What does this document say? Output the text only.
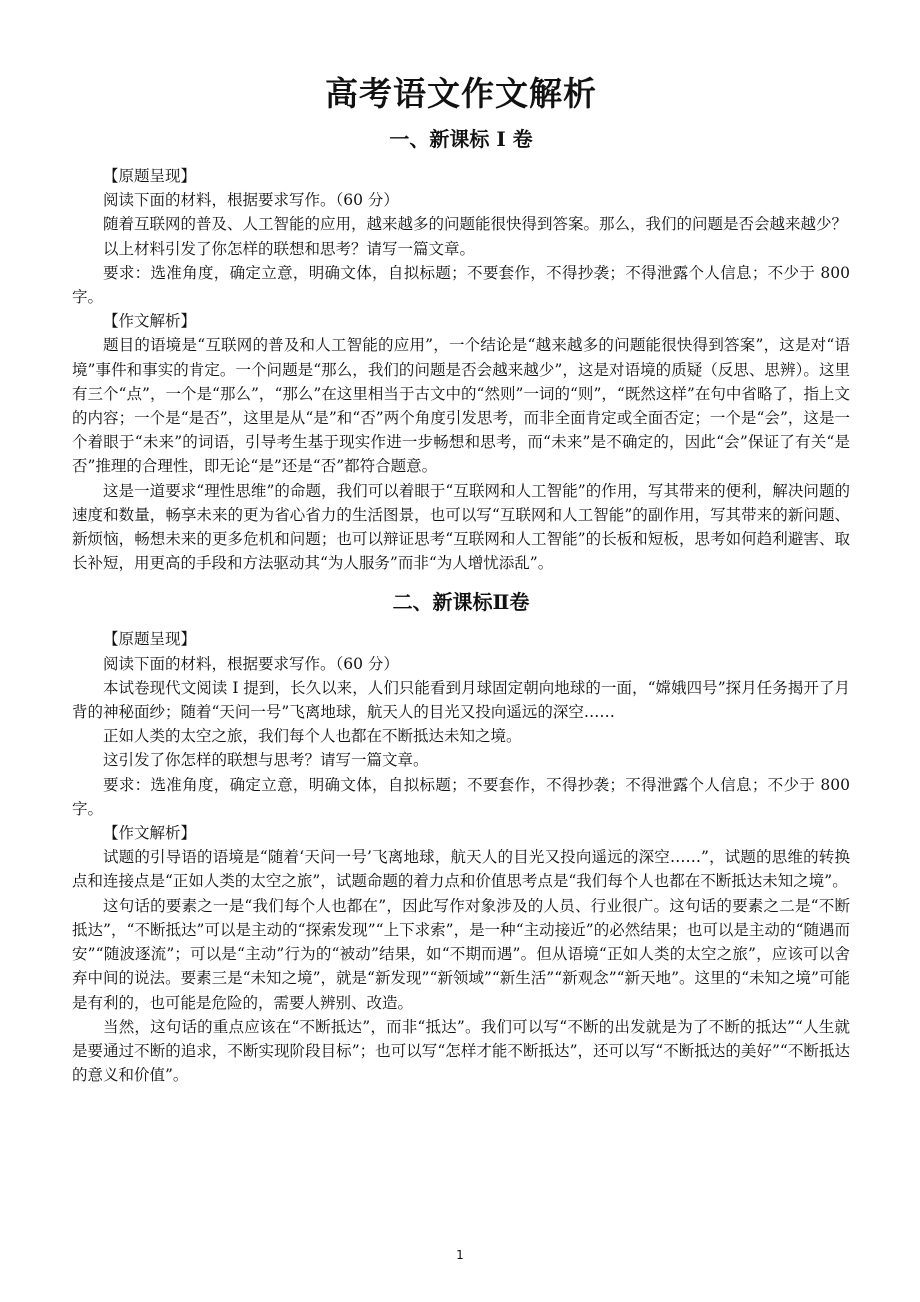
高考语文作文解析
一、新课标 I 卷

【原题呈现】

阅读下面的材料，根据要求写作。（60 分）

随着互联网的普及、人工智能的应用，越来越多的问题能很快得到答案。那么，我们的问题是否会越来越少？

以上材料引发了你怎样的联想和思考？请写一篇文章。

要求：选准角度，确定立意，明确文体，自拟标题；不要套作，不得抄袭；不得泄露个人信息；不少于 800 字。

【作文解析】

题目的语境是“互联网的普及和人工智能的应用”，一个结论是“越来越多的问题能很快得到答案”，这是对“语境”事件和事实的肯定。一个问题是“那么，我们的问题是否会越来越少”，这是对语境的质疑（反思、思辨）。这里有三个“点”，一个是“那么”，“那么”在这里相当于古文中的“然则”一词的“则”，“既然这样”在句中省略了，指上文的内容；一个是“是否”，这里是从“是”和“否”两个角度引发思考，而非全面肯定或全面否定；一个是“会”，这是一个着眼于“未来”的词语，引导考生基于现实作进一步畅想和思考，而“未来”是不确定的，因此“会”保证了有关“是否”推理的合理性，即无论“是”还是“否”都符合题意。

这是一道要求“理性思维”的命题，我们可以着眼于“互联网和人工智能”的作用，写其带来的便利，解决问题的速度和数量，畅享未来的更为省心省力的生活图景，也可以写“互联网和人工智能”的副作用，写其带来的新问题、新烦恼，畅想未来的更多危机和问题；也可以辩证思考“互联网和人工智能”的长板和短板，思考如何趋利避害、取长补短，用更高的手段和方法驱动其“为人服务”而非“为人增忧添乱”。

二、新课标Ⅱ卷

【原题呈现】

阅读下面的材料，根据要求写作。（60 分）

本试卷现代文阅读 I 提到，长久以来，人们只能看到月球固定朝向地球的一面，“嫦娥四号”探月任务揭开了月背的神秘面纱；随着“天问一号”飞离地球，航天人的目光又投向遥远的深空……

正如人类的太空之旅，我们每个人也都在不断抵达未知之境。

这引发了你怎样的联想与思考？请写一篇文章。

要求：选准角度，确定立意，明确文体，自拟标题；不要套作，不得抄袭；不得泄露个人信息；不少于 800 字。

【作文解析】

试题的引导语的语境是“随着‘天问一号’飞离地球，航天人的目光又投向遥远的深空……”，试题的思维的转换点和连接点是“正如人类的太空之旅”，试题命题的着力点和价值思考点是“我们每个人也都在不断抵达未知之境”。

这句话的要素之一是“我们每个人也都在”，因此写作对象涉及的人员、行业很广。这句话的要素之二是“不断抵达”，“不断抵达”可以是主动的“探索发现”“上下求索”，是一种“主动接近”的必然结果；也可以是主动的“随遇而安”“随波逐流”；可以是“主动”行为的“被动”结果，如“不期而遇”。但从语境“正如人类的太空之旅”，应该可以舍弃中间的说法。要素三是“未知之境”，就是“新发现”“新领域”“新生活”“新观念”“新天地”。这里的“未知之境”可能是有利的，也可能是危险的，需要人辨别、改造。

当然，这句话的重点应该在“不断抵达”，而非“抵达”。我们可以写“不断的出发就是为了不断的抵达”“人生就是要通过不断的追求，不断实现阶段目标”；也可以写“怎样才能不断抵达”，还可以写“不断抵达的美好”“不断抵达的意义和价值”。

1
